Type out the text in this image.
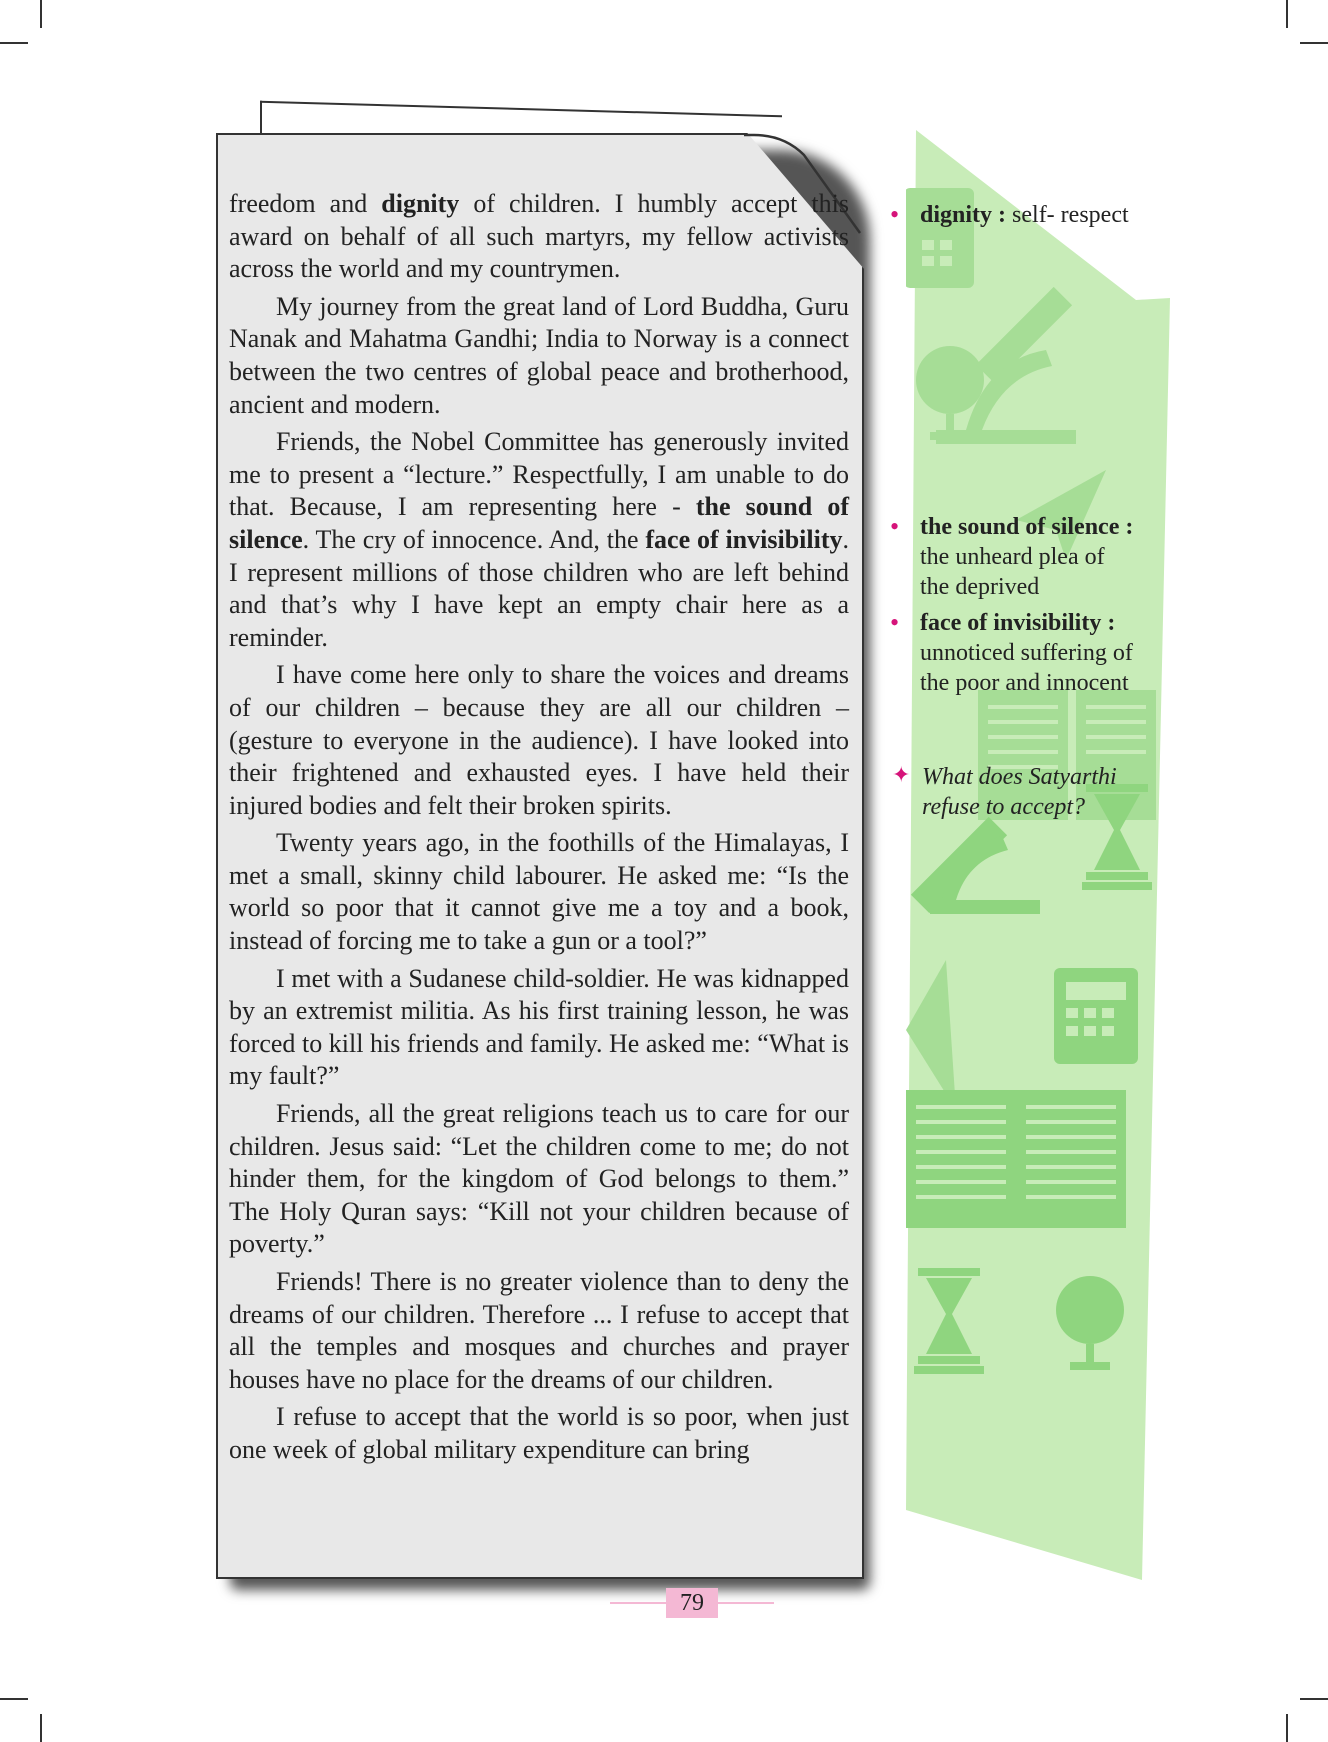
freedom and dignity of children. I humbly accept this award on behalf of all such martyrs, my fellow activists across the world and my countrymen.

My journey from the great land of Lord Buddha, Guru Nanak and Mahatma Gandhi; India to Norway is a connect between the two centres of global peace and brotherhood, ancient and modern.

Friends, the Nobel Committee has generously invited me to present a “lecture.” Respectfully, I am unable to do that. Because, I am representing here - the sound of silence. The cry of innocence. And, the face of invisibility. I represent millions of those children who are left behind and that’s why I have kept an empty chair here as a reminder.

I have come here only to share the voices and dreams of our children – because they are all our children – (gesture to everyone in the audience). I have looked into their frightened and exhausted eyes. I have held their injured bodies and felt their broken spirits.

Twenty years ago, in the foothills of the Himalayas, I met a small, skinny child labourer. He asked me: “Is the world so poor that it cannot give me a toy and a book, instead of forcing me to take a gun or a tool?”

I met with a Sudanese child-soldier. He was kidnapped by an extremist militia. As his first training lesson, he was forced to kill his friends and family. He asked me: “What is my fault?”

Friends, all the great religions teach us to care for our children. Jesus said: “Let the children come to me; do not hinder them, for the kingdom of God belongs to them.” The Holy Quran says: “Kill not your children because of poverty.”

Friends! There is no greater violence than to deny the dreams of our children. Therefore ... I refuse to accept that all the temples and mosques and churches and prayer houses have no place for the dreams of our children.

I refuse to accept that the world is so poor, when just one week of global military expenditure can bring

• dignity : self- respect
• the sound of silence :
the unheard plea of the deprived
• face of invisibility :
unnoticed suffering of the poor and innocent
✦ What does Satyarthi refuse to accept?
79
